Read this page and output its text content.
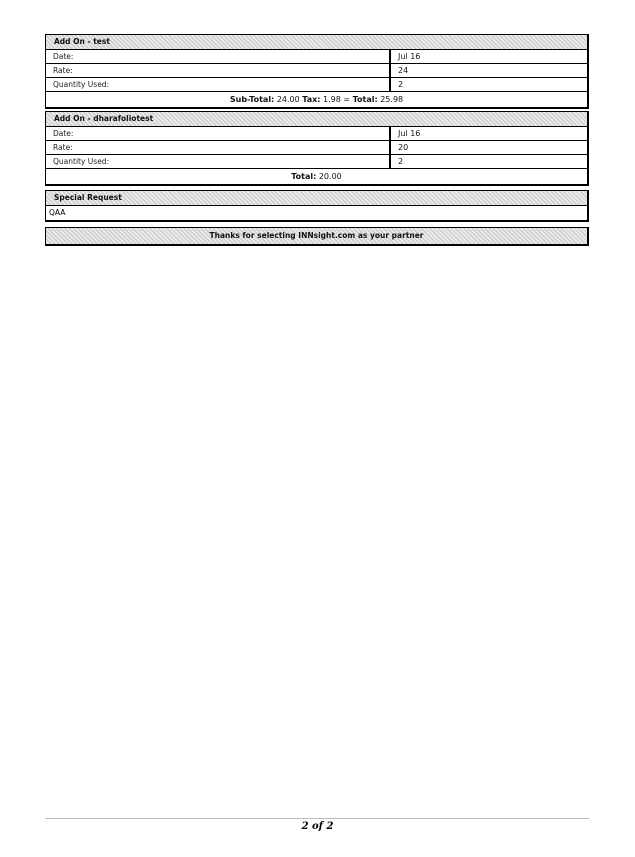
Add On - test
Date:	Jul 16
Rate:	24
Quantity Used:	2
Sub-Total: 24.00 Tax: 1.98 = Total: 25.98
Add On - dharafoliotest
Date:	Jul 16
Rate:	20
Quantity Used:	2
Total: 20.00
Special Request
QAA
Thanks for selecting INNsight.com as your partner
2 of 2
